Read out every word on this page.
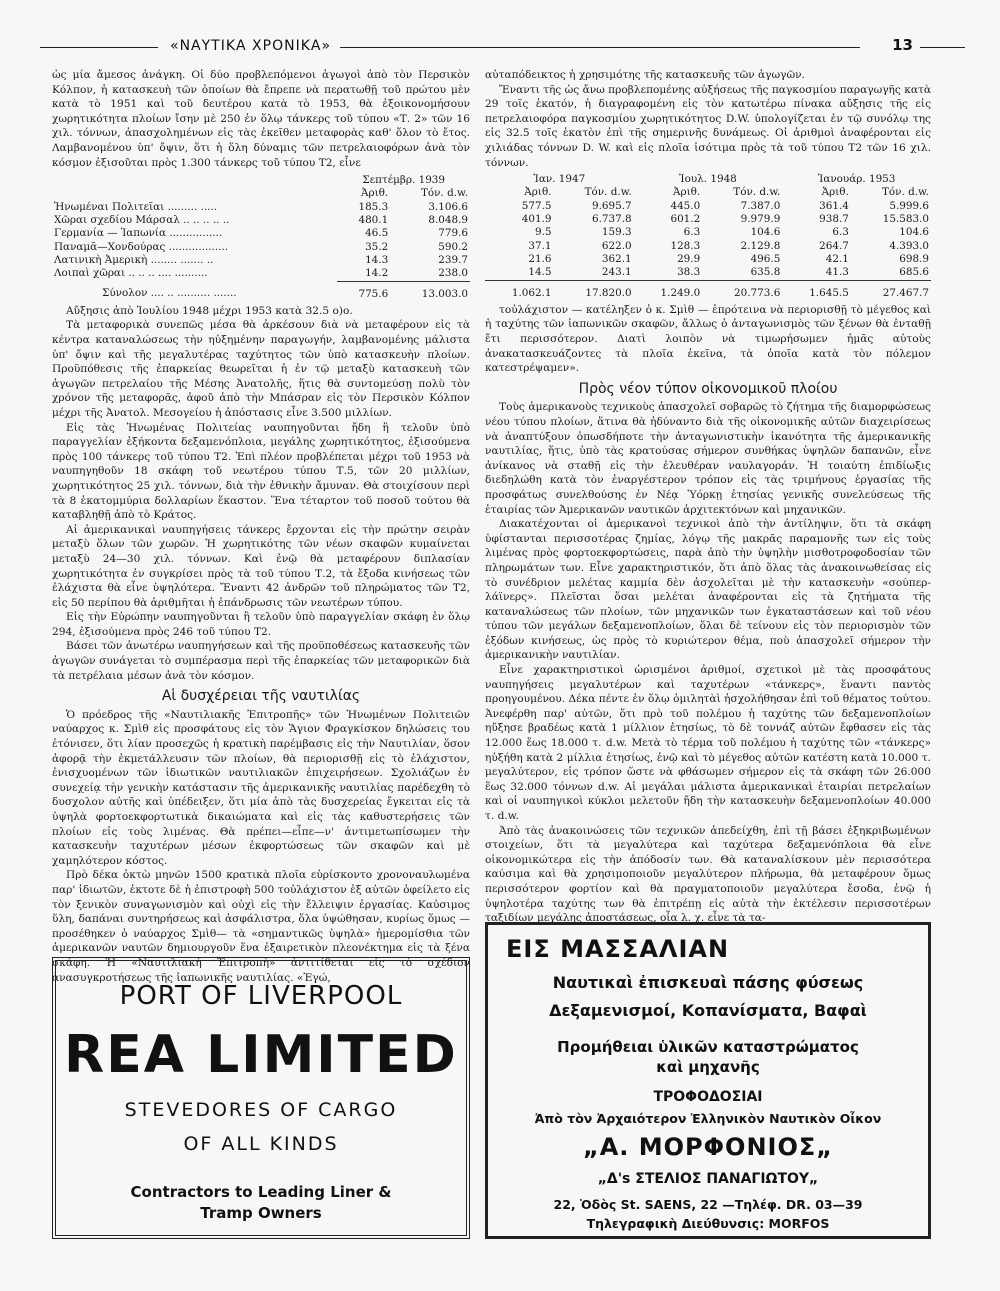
«ΝΑΥΤΙΚΑ ΧΡΟΝΙΚΑ»	13

ὡς μία ἄμεσος ἀνάγκη. Οἱ δύο προβλεπόμενοι ἀγωγοὶ ἀπὸ τὸν Περσικὸν Κόλπον, ἡ κατασκευὴ τῶν ὁποίων θὰ ἔπρεπε νὰ περατωθῇ τοῦ πρώτου μὲν κατὰ τὸ 1951 καὶ τοῦ δευτέρου κατὰ τὸ 1953, θὰ ἐξοικονομήσουν χωρητικότητα πλοίων ἴσην μὲ 250 ἐν ὅλῳ τάνκερς τοῦ τύπου «Τ. 2» τῶν 16 χιλ. τόννων, ἀπασχολημένων εἰς τὰς ἐκεῖθεν μεταφορὰς καθ' ὅλον τὸ ἔτος. Λαμβανομένου ὑπ' ὄψιν, ὅτι ἡ ὅλη δύναμις τῶν πετρελαιοφόρων ἀνὰ τὸν κόσμον ἐξισοῦται πρὸς 1.300 τάνκερς τοῦ τύπου Τ2, εἶνε

	Σεπτέμβρ. 1939	
	Ἀριθ.	Τόν. d.w.
Ἡνωμέναι Πολιτεῖαι ......... .....	185.3	3.106.6
Χῶραι σχεδίου Μάρσαλ .. .. .. .. ..	480.1	8.048.9
Γερμανία — Ἰαπωνία ................	46.5	779.6
Παναμᾶ—Χονδούρας ..................	35.2	590.2
Λατινικὴ Ἀμερικὴ ........ ....... ..	14.3	239.7
Λοιπαὶ χῶραι .. .. .. .... ..........	14.2	238.0
Σύνολον .... .. .......... .......	775.6	13.003.0

Αὔξησις ἀπὸ Ἰουλίου 1948 μέχρι 1953 κατὰ 32.5 ο)ο.

Τὰ μεταφορικὰ συνεπῶς μέσα θὰ ἀρκέσουν διὰ νὰ μεταφέρουν εἰς τὰ κέντρα καταναλώσεως τὴν ηὐξημένην παραγωγήν, λαμβανομένης μάλιστα ὑπ' ὄψιν καὶ τῆς μεγαλυτέρας ταχύτητος τῶν ὑπὸ κατασκευὴν πλοίων. Προϋπόθεσις τῆς ἐπαρκείας θεωρεῖται ἡ ἐν τῷ μεταξὺ κατασκευὴ τῶν ἀγωγῶν πετρελαίου τῆς Μέσης Ἀνατολῆς, ἥτις θὰ συντομεύσῃ πολὺ τὸν χρόνον τῆς μεταφορᾶς, ἀφοῦ ἀπὸ τὴν Μπάσραν εἰς τὸν Περσικὸν Κόλπον μέχρι τῆς Ἀνατολ. Μεσογείου ἡ ἀπόστασις εἶνε 3.500 μιλλίων.

Εἰς τὰς Ἡνωμένας Πολιτείας ναυπηγοῦνται ἤδη ἢ τελοῦν ὑπὸ παραγγελίαν ἑξήκοντα δεξαμενόπλοια, μεγάλης χωρητικότητος, ἐξισούμενα πρὸς 100 τάνκερς τοῦ τύπου Τ2. Ἐπὶ πλέον προβλέπεται μέχρι τοῦ 1953 νὰ ναυπηγηθοῦν 18 σκάφη τοῦ νεωτέρου τύπου Τ.5, τῶν 20 μιλλίων, χωρητικότητος 25 χιλ. τόννων, διὰ τὴν ἐθνικὴν ἄμυναν. Θὰ στοιχίσουν περὶ τὰ 8 ἑκατομμύρια δολλαρίων ἕκαστον. Ἕνα τέταρτον τοῦ ποσοῦ τούτου θὰ καταβληθῇ ἀπὸ τὸ Κράτος.

Αἱ ἀμερικανικαὶ ναυπηγήσεις τάνκερς ἔρχονται εἰς τὴν πρώτην σειρὰν μεταξὺ ὅλων τῶν χωρῶν. Ἡ χωρητικότης τῶν νέων σκαφῶν κυμαίνεται μεταξὺ 24—30 χιλ. τόννων. Καὶ ἐνῷ θὰ μεταφέρουν διπλασίαν χωρητικότητα ἐν συγκρίσει πρὸς τὰ τοῦ τύπου Τ.2, τὰ ἔξοδα κινήσεως τῶν ἐλάχιστα θὰ εἶνε ὑψηλότερα. Ἔναντι 42 ἀνδρῶν τοῦ πληρώματος τῶν Τ2, εἰς 50 περίπου θὰ ἀριθμῆται ἡ ἐπάνδρωσις τῶν νεωτέρων τύπου.

Εἰς τὴν Εὐρώπην ναυπηγοῦνται ἢ τελοῦν ὑπὸ παραγγελίαν σκάφη ἐν ὅλῳ 294, ἐξισούμενα πρὸς 246 τοῦ τύπου Τ2.

Βάσει τῶν ἀνωτέρω ναυπηγήσεων καὶ τῆς προϋποθέσεως κατασκευῆς τῶν ἀγωγῶν συνάγεται τὸ συμπέρασμα περὶ τῆς ἐπαρκείας τῶν μεταφορικῶν διὰ τὰ πετρέλαια μέσων ἀνὰ τὸν κόσμον.

Αἱ δυσχέρειαι τῆς ναυτιλίας

Ὁ πρόεδρος τῆς «Ναυτιλιακῆς Ἐπιτροπῆς» τῶν Ἡνωμένων Πολιτειῶν ναύαρχος κ. Σμὶθ εἰς προσφάτους εἰς τὸν Ἅγιον Φραγκίσκον δηλώσεις του ἐτόνισεν, ὅτι λίαν προσεχῶς ἡ κρατικὴ παρέμβασις εἰς τὴν Ναυτιλίαν, ὅσον ἀφορᾷ τὴν ἐκμετάλλευσιν τῶν πλοίων, θὰ περιορισθῇ εἰς τὸ ἐλάχιστον, ἐνισχυομένων τῶν ἰδιωτικῶν ναυτιλιακῶν ἐπιχειρήσεων. Σχολιάζων ἐν συνεχείᾳ τὴν γενικὴν κατάστασιν τῆς ἀμερικανικῆς ναυτιλίας παρέδεχθη τὸ δυσχολον αὐτῆς καὶ ὑπέδειξεν, ὅτι μία ἀπὸ τὰς δυσχερείας ἔγκειται εἰς τὰ ὑψηλὰ φορτοεκφορτωτικὰ δικαιώματα καὶ εἰς τὰς καθυστερήσεις τῶν πλοίων εἰς τοὺς λιμένας. Θὰ πρέπει—εἶπε—ν' ἀντιμετωπίσωμεν τὴν κατασκευὴν ταχυτέρων μέσων ἐκφορτώσεως τῶν σκαφῶν καὶ μὲ χαμηλότερον κόστος.

Πρὸ δέκα ὀκτὼ μηνῶν 1500 κρατικὰ πλοῖα εὑρίσκοντο χρονοναυλωμένα παρ' ἰδιωτῶν, ἐκτοτε δὲ ἡ ἐπιστροφὴ 500 τοὐλάχιστον ἐξ αὐτῶν ὀφείλετο εἰς τὸν ξενικὸν συναγωνισμὸν καὶ οὐχὶ εἰς τὴν ἔλλειψιν ἐργασίας. Καὐσιμος ὕλη, δαπάναι συντηρήσεως καὶ ἀσφάλιστρα, ὅλα ὑψώθησαν, κυρίως ὅμως —προσέθηκεν ὁ ναύαρχος Σμὶθ— τὰ «σημαντικῶς ὑψηλὰ» ἡμερομίσθια τῶν ἀμερικανῶν ναυτῶν δημιουργοῦν ἕνα ἐξαιρετικὸν πλεονέκτημα εἰς τὰ ξένα σκάφη. Ἡ «Ναυτιλιακὴ Ἐπιτροπὴ» ἀντιτίθεται εἰς τὸ σχέδιον ἀνασυγκροτήσεως τῆς ἰαπωνικῆς ναυτιλίας. «Ἐγώ,

αὐταπόδεικτος ἡ χρησιμότης τῆς κατασκευῆς τῶν ἀγωγῶν.

Ἔναντι τῆς ὡς ἄνω προβλεπομένης αὐξήσεως τῆς παγκοσμίου παραγωγῆς κατὰ 29 τοῖς ἑκατόν, ἡ διαγραφομένη εἰς τὸν κατωτέρω πίνακα αὔξησις τῆς εἰς πετρελαιοφόρα παγκοσμίου χωρητικότητος D.W. ὑπολογίζεται ἐν τῷ συνόλῳ της εἰς 32.5 τοῖς ἑκατὸν ἐπὶ τῆς σημερινῆς δυνάμεως. Οἱ ἀριθμοὶ ἀναφέρονται εἰς χιλιάδας τόννων D. W. καὶ εἰς πλοῖα ἰσότιμα πρὸς τὰ τοῦ τύπου Τ2 τῶν 16 χιλ. τόννων.

Ἰαν. 1947		Ἰουλ. 1948		Ἰανουάρ. 1953	
Ἀριθ.	Τόν. d.w.	Ἀριθ.	Τόν. d.w.	Ἀριθ.	Τόν. d.w.
577.5	9.695.7	445.0	7.387.0	361.4	5.999.6
401.9	6.737.8	601.2	9.979.9	938.7	15.583.0
9.5	159.3	6.3	104.6	6.3	104.6
37.1	622.0	128.3	2.129.8	264.7	4.393.0
21.6	362.1	29.9	496.5	42.1	698.9
14.5	243.1	38.3	635.8	41.3	685.6
1.062.1	17.820.0	1.249.0	20.773.6	1.645.5	27.467.7

τοὐλάχιστον — κατέληξεν ὁ κ. Σμὶθ — ἐπρότεινα νὰ περιορισθῇ τὸ μέγεθος καὶ ἡ ταχύτης τῶν ἰαπωνικῶν σκαφῶν, ἄλλως ὁ ἀνταγωνισμὸς τῶν ξένων θὰ ἐνταθῇ ἔτι περισσότερον. Διατὶ λοιπὸν νὰ τιμωρήσωμεν ἡμᾶς αὐτοὺς ἀνακατασκευάζοντες τὰ πλοῖα ἐκεῖνα, τὰ ὁποῖα κατὰ τὸν πόλεμον κατεστρέψαμεν».

Πρὸς νέον τύπον οἰκονομικοῦ πλοίου

Τοὺς ἀμερικανοὺς τεχνικοὺς ἀπασχολεῖ σοβαρῶς τὸ ζήτημα τῆς διαμορφώσεως νέου τύπου πλοίων, ἅτινα θὰ ἠδύναντο διὰ τῆς οἰκονομικῆς αὐτῶν διαχειρίσεως νὰ ἀναπτύξουν ὁπωσδήποτε τὴν ἀνταγωνιστικὴν ἱκανότητα τῆς ἀμερικανικῆς ναυτιλίας, ἥτις, ὑπὸ τὰς κρατούσας σήμερον συνθήκας ὑψηλῶν δαπανῶν, εἶνε ἀνίκανος νὰ σταθῇ εἰς τὴν ἐλευθέραν ναυλαγοράν. Ἡ τοιαύτη ἐπιδίωξις διεδηλώθη κατὰ τὸν ἐναργέστερον τρόπον εἰς τὰς τριμήνους ἐργασίας τῆς προσφάτως συνελθούσης ἐν Νέᾳ Ὑόρκῃ ἐτησίας γενικῆς συνελεύσεως τῆς ἑταιρίας τῶν Ἀμερικανῶν ναυτικῶν ἀρχιτεκτόνων καὶ μηχανικῶν.

Διακατέχονται οἱ ἀμερικανοὶ τεχνικοὶ ἀπὸ τὴν ἀντίληψιν, ὅτι τὰ σκάφη ὑφίστανται περισσοτέρας ζημίας, λόγῳ τῆς μακρᾶς παραμονῆς των εἰς τοὺς λιμένας πρὸς φορτοεκφορτώσεις, παρὰ ἀπὸ τὴν ὑψηλὴν μισθοτροφοδοσίαν τῶν πληρωμάτων των. Εἶνε χαρακτηριστικόν, ὅτι ἀπὸ ὅλας τὰς ἀνακοινωθείσας εἰς τὸ συνέδριον μελέτας καμμία δὲν ἀσχολεῖται μὲ τὴν κατασκευὴν «σούπερ-λάϊνερς». Πλεῖσται ὅσαι μελέται ἀναφέρονται εἰς τὰ ζητήματα τῆς καταναλώσεως τῶν πλοίων, τῶν μηχανικῶν των ἐγκαταστάσεων καὶ τοῦ νέου τύπου τῶν μεγάλων δεξαμενοπλοίων, ὅλαι δὲ τείνουν εἰς τὸν περιορισμὸν τῶν ἐξόδων κινήσεως, ὡς πρὸς τὸ κυριώτερον θέμα, ποὺ ἀπασχολεῖ σήμερον τὴν ἀμερικανικὴν ναυτιλίαν.

Εἶνε χαρακτηριστικοὶ ὡρισμένοι ἀριθμοί, σχετικοὶ μὲ τὰς προσφάτους ναυπηγήσεις μεγαλυτέρων καὶ ταχυτέρων «τάνκερς», ἔναντι παντὸς προηγουμένου. Δέκα πέντε ἐν ὅλῳ ὁμιλητὰὶ ἠσχολήθησαν ἐπὶ τοῦ θέματος τούτου. Ἀνεφέρθη παρ' αὐτῶν, ὅτι πρὸ τοῦ πολέμου ἡ ταχύτης τῶν δεξαμενοπλοίων ηὔξησε βραδέως κατὰ 1 μίλλιον ἐτησίως, τὸ δὲ τοννάζ αὐτῶν ἔφθασεν εἰς τὰς 12.000 ἕως 18.000 τ. d.w. Μετὰ τὸ τέρμα τοῦ πολέμου ἡ ταχύτης τῶν «τάνκερς» ηὐξήθη κατὰ 2 μίλλια ἐτησίως, ἐνῷ καὶ τὸ μέγεθος αὐτῶν κατέστη κατὰ 10.000 τ. μεγαλύτερον, εἰς τρόπον ὥστε νὰ φθάσωμεν σήμερον εἰς τὰ σκάφη τῶν 26.000 ἕως 32.000 τόννων d.w. Αἱ μεγάλαι μάλιστα ἀμερικανικαὶ ἑταιρίαι πετρελαίων καὶ οἱ ναυπηγικοὶ κύκλοι μελετοῦν ἤδη τὴν κατασκευὴν δεξαμενοπλοίων 40.000 τ. d.w.

Ἀπὸ τὰς ἀνακοινώσεις τῶν τεχνικῶν ἀπεδείχθη, ἐπὶ τῇ βάσει ἐξηκριβωμένων στοιχείων, ὅτι τὰ μεγαλύτερα καὶ ταχύτερα δεξαμενόπλοια θὰ εἶνε οἰκονομικώτερα εἰς τὴν ἀπόδοσίν των. Θὰ καταναλίσκουν μὲν περισσότερα καύσιμα καὶ θὰ χρησιμοποιοῦν μεγαλύτερον πλήρωμα, θὰ μεταφέρουν ὅμως περισσότερον φορτίον καὶ θὰ πραγματοποιοῦν μεγαλύτερα ἔσοδα, ἐνῷ ἡ ὑψηλοτέρα ταχύτης των θὰ ἐπιτρέπῃ εἰς αὐτὰ τὴν ἐκτέλεσιν περισσοτέρων ταξιδίων μεγάλης ἀποστάσεως, οἷα λ. χ. εἶνε τὰ τα-

PORT OF LIVERPOOL
REA LIMITED
STEVEDORES OF CARGO
OF ALL KINDS
Contractors to Leading Liner &
Tramp Owners
ΕΙΣ ΜΑΣΣΑΛΙΑΝ
Ναυτικαὶ ἐπισκευαὶ πάσης φύσεως
Δεξαμενισμοί, Κοπανίσματα, Βαφαὶ
Προμήθειαι ὑλικῶν καταστρώματος καὶ μηχανῆς
ΤΡΟΦΟΔΟΣΙΑΙ
Ἀπὸ τὸν Ἀρχαιότερον Ἑλληνικὸν Ναυτικὸν Οἶκον
„Α. ΜΟΡΦΟΝΙΟΣ„
„Δ's ΣΤΕΛΙΟΣ ΠΑΝΑΓΙΩΤΟΥ„
22, Ὁδὸς St. SAENS, 22 —Τηλέφ. DR. 03—39
Τηλεγραφικὴ Διεύθυνσις: MORFOS
